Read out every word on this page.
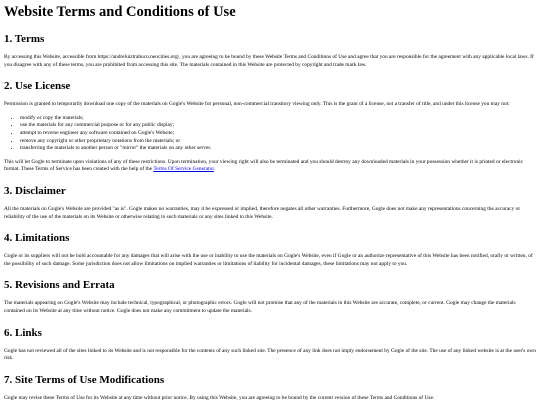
Website Terms and Conditions of Use
1. Terms

By accessing this Website, accessible from https://andreluiztrabuco.neocities.org/, you are agreeing to be bound by these Website Terms and Conditions of Use and agree that you are responsible for the agreement with any applicable local laws. If you disagree with any of these terms, you are prohibited from accessing this site. The materials contained in this Website are protected by copyright and trade mark law.

2. Use License

Permission is granted to temporarily download one copy of the materials on Gogle's Website for personal, non-commercial transitory viewing only. This is the grant of a license, not a transfer of title, and under this license you may not:

• modify or copy the materials;
• use the materials for any commercial purpose or for any public display;
• attempt to reverse engineer any software contained on Gogle's Website;
• remove any copyright or other proprietary notations from the materials; or
• transferring the materials to another person or "mirror" the materials on any other server.

This will let Gogle to terminate upon violations of any of these restrictions. Upon termination, your viewing right will also be terminated and you should destroy any downloaded materials in your possession whether it is printed or electronic format. These Terms of Service has been created with the help of the Terms Of Service Generator.

3. Disclaimer

All the materials on Gogle's Website are provided "as is". Gogle makes no warranties, may it be expressed or implied, therefore negates all other warranties. Furthermore, Gogle does not make any representations concerning the accuracy or reliability of the use of the materials on its Website or otherwise relating to such materials or any sites linked to this Website.

4. Limitations

Gogle or its suppliers will not be hold accountable for any damages that will arise with the use or inability to use the materials on Gogle's Website, even if Gogle or an authorize representative of this Website has been notified, orally or written, of the possibility of such damage. Some jurisdiction does not allow limitations on implied warranties or limitations of liability for incidental damages, these limitations may not apply to you.

5. Revisions and Errata

The materials appearing on Gogle's Website may include technical, typographical, or photographic errors. Gogle will not promise that any of the materials in this Website are accurate, complete, or current. Gogle may change the materials contained on its Website at any time without notice. Gogle does not make any commitment to update the materials.

6. Links

Gogle has not reviewed all of the sites linked to its Website and is not responsible for the contents of any such linked site. The presence of any link does not imply endorsement by Gogle of the site. The use of any linked website is at the user's own risk.

7. Site Terms of Use Modifications

Gogle may revise these Terms of Use for its Website at any time without prior notice. By using this Website, you are agreeing to be bound by the current version of these Terms and Conditions of Use.
